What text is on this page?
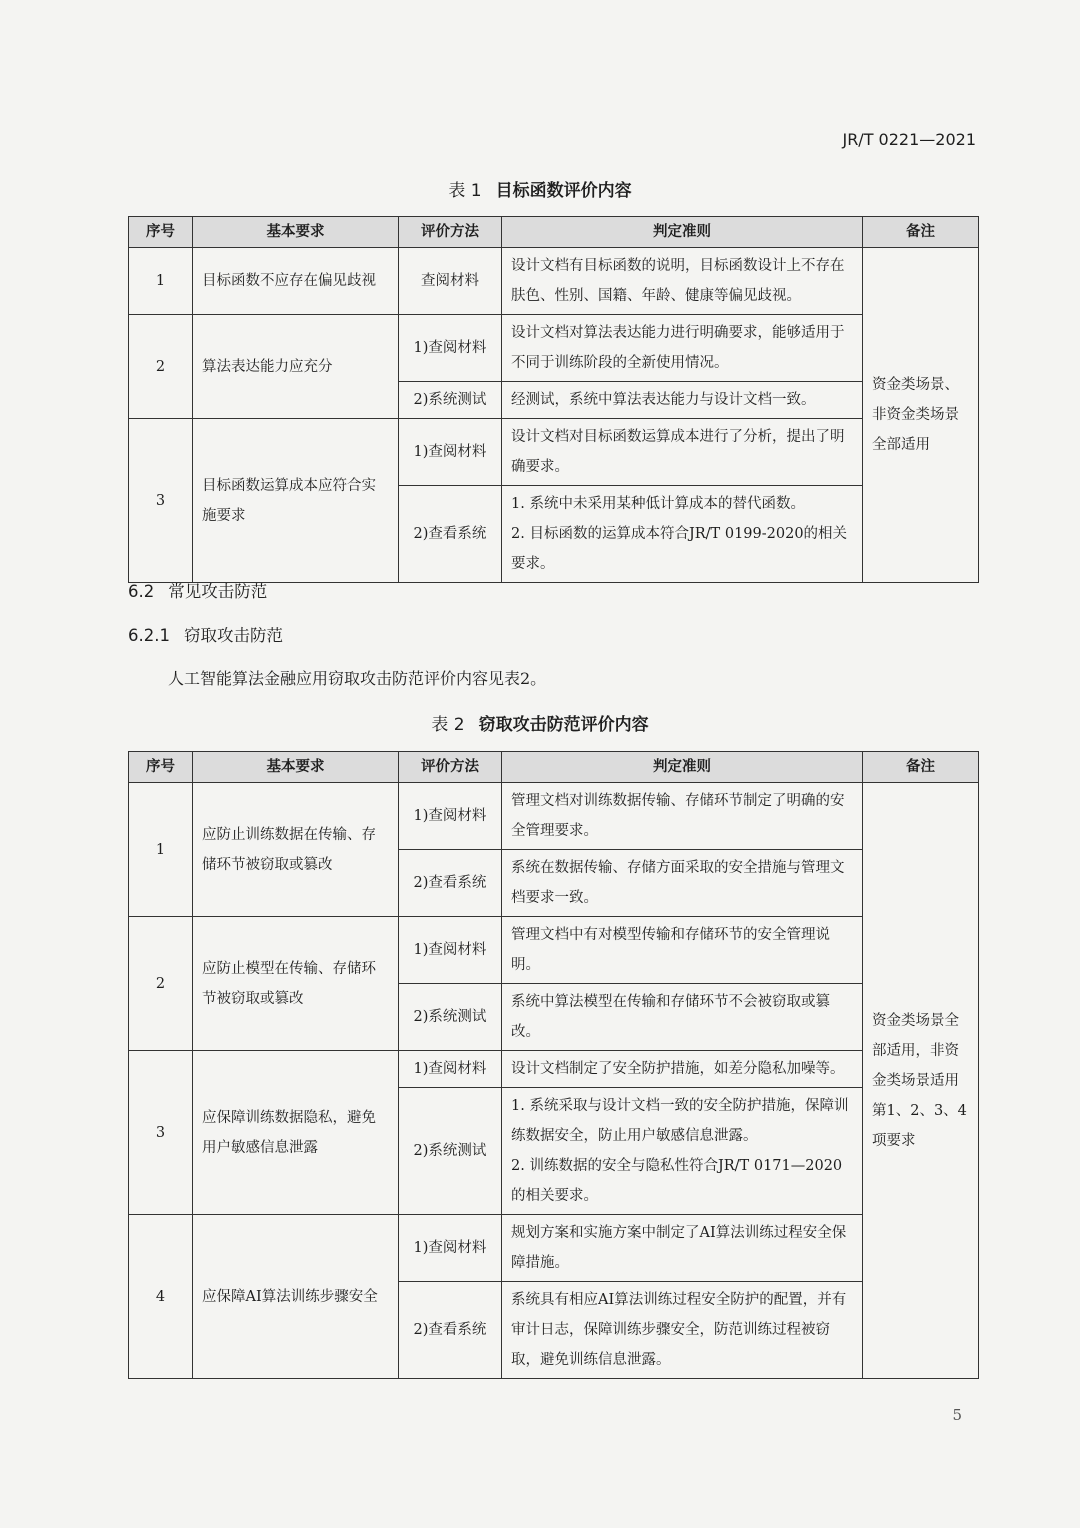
JR/T 0221—2021
表 1 目标函数评价内容
序号	基本要求	评价方法	判定准则	备注
1	目标函数不应存在偏见歧视	查阅材料	设计文档有目标函数的说明，目标函数设计上不存在肤色、性别、国籍、年龄、健康等偏见歧视。	资金类场景、非资金类场景全部适用
2	算法表达能力应充分	1)查阅材料	设计文档对算法表达能力进行明确要求，能够适用于不同于训练阶段的全新使用情况。	
		2)系统测试	经测试，系统中算法表达能力与设计文档一致。	
3	目标函数运算成本应符合实施要求	1)查阅材料	设计文档对目标函数运算成本进行了分析，提出了明确要求。	
		2)查看系统	1. 系统中未采用某种低计算成本的替代函数。
2. 目标函数的运算成本符合JR/T 0199-2020的相关要求。	
6.2 常见攻击防范
6.2.1 窃取攻击防范
人工智能算法金融应用窃取攻击防范评价内容见表2。
表 2 窃取攻击防范评价内容
序号	基本要求	评价方法	判定准则	备注
1	应防止训练数据在传输、存储环节被窃取或篡改	1)查阅材料	管理文档对训练数据传输、存储环节制定了明确的安全管理要求。	资金类场景全部适用，非资金类场景适用第1、2、3、4项要求
		2)查看系统	系统在数据传输、存储方面采取的安全措施与管理文档要求一致。	
2	应防止模型在传输、存储环节被窃取或篡改	1)查阅材料	管理文档中有对模型传输和存储环节的安全管理说明。	
		2)系统测试	系统中算法模型在传输和存储环节不会被窃取或篡改。	
3	应保障训练数据隐私，避免用户敏感信息泄露	1)查阅材料	设计文档制定了安全防护措施，如差分隐私加噪等。	
		2)系统测试	1. 系统采取与设计文档一致的安全防护措施，保障训练数据安全，防止用户敏感信息泄露。
2. 训练数据的安全与隐私性符合JR/T 0171—2020的相关要求。	

4	应保障AI算法训练步骤安全	1)查阅材料	规划方案和实施方案中制定了AI算法训练过程安全保障措施。	
		2)查看系统	系统具有相应AI算法训练过程安全防护的配置，并有审计日志，保障训练步骤安全，防范训练过程被窃取，避免训练信息泄露。	
5
